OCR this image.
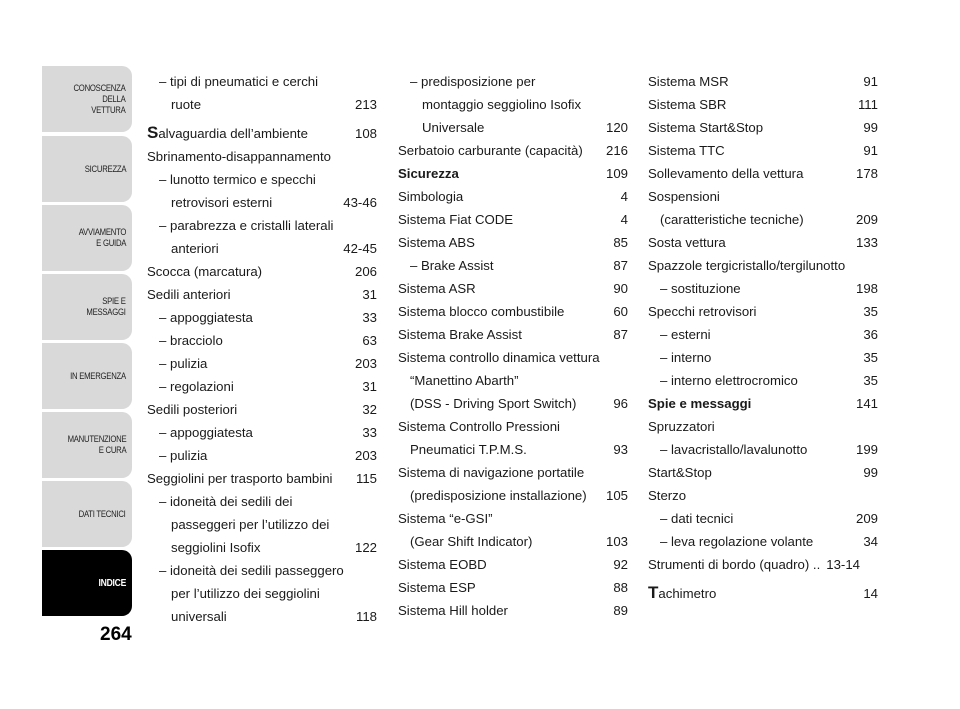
CONOSCENZA
DELLA
VETTURA
SICUREZZA
AVVIAMENTO
E GUIDA
SPIE E
MESSAGGI
IN EMERGENZA
MANUTENZIONE
E CURA
DATI TECNICI
INDICE
264
– tipi di pneumatici e cerchi
ruote .....	213
Salvaguardia dell’ambiente .....	108
Sbrinamento-disappannamento
– lunotto termico e specchi
retrovisori esterni .....	43-46
– parabrezza e cristalli laterali
anteriori .....	42-45
Scocca (marcatura) .....	206
Sedili anteriori .....	31
– appoggiatesta .....	33
– bracciolo .....	63
– pulizia .....	203
– regolazioni .....	31
Sedili posteriori .....	32
– appoggiatesta .....	33
– pulizia .....	203
Seggiolini per trasporto bambini ..... 115
– idoneità dei sedili dei
passeggeri per l’utilizzo dei
seggiolini Isofix .....	122
– idoneità dei sedili passeggero
per l’utilizzo dei seggiolini
universali .....	118
– predisposizione per
montaggio seggiolino Isofix
Universale .....	120
Serbatoio carburante (capacità) ..... 216
Sicurezza .....	109
Simbologia .....	4
Sistema Fiat CODE .....	4
Sistema ABS .....	85
– Brake Assist .....	87
Sistema ASR .....	90
Sistema blocco combustibile .....	60
Sistema Brake Assist .....	87
Sistema controllo dinamica vettura
“Manettino Abarth”
(DSS - Driving Sport Switch) .....	96
Sistema Controllo Pressioni
Pneumatici T.P.M.S. .....	93
Sistema di navigazione portatile
(predisposizione installazione) ..... 105
Sistema “e-GSI”
(Gear Shift Indicator) .....	103
Sistema EOBD .....	92
Sistema ESP .....	88
Sistema Hill holder .....	89
Sistema MSR .....	91
Sistema SBR .....	111
Sistema Start&Stop .....	99
Sistema TTC .....	91
Sollevamento della vettura .....	178
Sospensioni
(caratteristiche tecniche) .....	209
Sosta vettura .....	133
Spazzole tergicristallo/tergilunotto
– sostituzione .....	198
Specchi retrovisori .....	35
– esterni .....	36
– interno .....	35
– interno elettrocromico .....	35
Spie e messaggi .....	141
Spruzzatori
– lavacristallo/lavalunotto .....	199
Start&Stop .....	99
Sterzo
– dati tecnici .....	209
– leva regolazione volante .....	34
Strumenti di bordo (quadro) .. ..... 13-14
Tachimetro .....	14
